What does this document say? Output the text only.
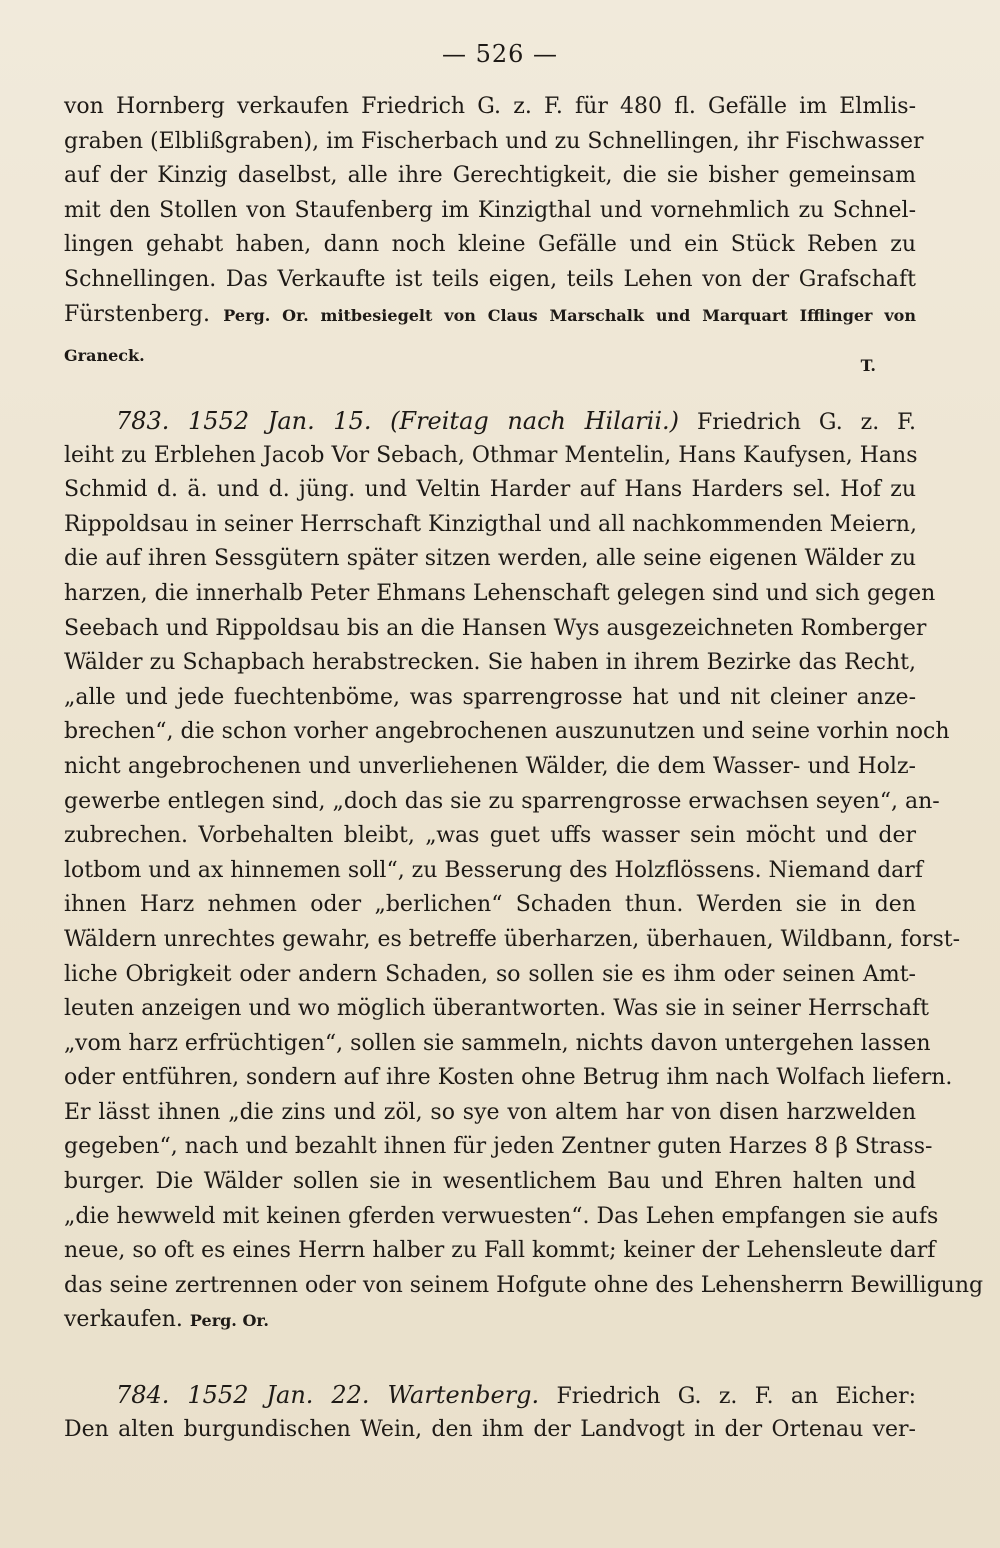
— 526 —
von Hornberg verkaufen Friedrich G. z. F. für 480 fl. Gefälle im Elmlis-
graben (Elblißgraben), im Fischerbach und zu Schnellingen, ihr Fischwasser
auf der Kinzig daselbst, alle ihre Gerechtigkeit, die sie bisher gemeinsam
mit den Stollen von Staufenberg im Kinzigthal und vornehmlich zu Schnel-
lingen gehabt haben, dann noch kleine Gefälle und ein Stück Reben zu
Schnellingen. Das Verkaufte ist teils eigen, teils Lehen von der Grafschaft
Fürstenberg. Perg. Or. mitbesiegelt von Claus Marschalk und Marquart Ifflinger von
Graneck.
T.
783. 1552 Jan. 15. (Freitag nach Hilarii.) Friedrich G. z. F.
leiht zu Erblehen Jacob Vor Sebach, Othmar Mentelin, Hans Kaufysen, Hans
Schmid d. ä. und d. jüng. und Veltin Harder auf Hans Harders sel. Hof zu
Rippoldsau in seiner Herrschaft Kinzigthal und all nachkommenden Meiern,
die auf ihren Sessgütern später sitzen werden, alle seine eigenen Wälder zu
harzen, die innerhalb Peter Ehmans Lehenschaft gelegen sind und sich gegen
Seebach und Rippoldsau bis an die Hansen Wys ausgezeichneten Romberger
Wälder zu Schapbach herabstrecken. Sie haben in ihrem Bezirke das Recht,
„alle und jede fuechtenböme, was sparrengrosse hat und nit cleiner anze-
brechen“, die schon vorher angebrochenen auszunutzen und seine vorhin noch
nicht angebrochenen und unverliehenen Wälder, die dem Wasser- und Holz-
gewerbe entlegen sind, „doch das sie zu sparrengrosse erwachsen seyen“, an-
zubrechen. Vorbehalten bleibt, „was guet uffs wasser sein möcht und der
lotbom und ax hinnemen soll“, zu Besserung des Holzflössens. Niemand darf
ihnen Harz nehmen oder „berlichen“ Schaden thun. Werden sie in den
Wäldern unrechtes gewahr, es betreffe überharzen, überhauen, Wildbann, forst-
liche Obrigkeit oder andern Schaden, so sollen sie es ihm oder seinen Amt-
leuten anzeigen und wo möglich überantworten. Was sie in seiner Herrschaft
„vom harz erfrüchtigen“, sollen sie sammeln, nichts davon untergehen lassen
oder entführen, sondern auf ihre Kosten ohne Betrug ihm nach Wolfach liefern.
Er lässt ihnen „die zins und zöl, so sye von altem har von disen harzwelden
gegeben“, nach und bezahlt ihnen für jeden Zentner guten Harzes 8 β Strass-
burger. Die Wälder sollen sie in wesentlichem Bau und Ehren halten und
„die hewweld mit keinen gferden verwuesten“. Das Lehen empfangen sie aufs
neue, so oft es eines Herrn halber zu Fall kommt; keiner der Lehensleute darf
das seine zertrennen oder von seinem Hofgute ohne des Lehensherrn Bewilligung
verkaufen. Perg. Or.
784. 1552 Jan. 22. Wartenberg. Friedrich G. z. F. an Eicher:
Den alten burgundischen Wein, den ihm der Landvogt in der Ortenau ver-
